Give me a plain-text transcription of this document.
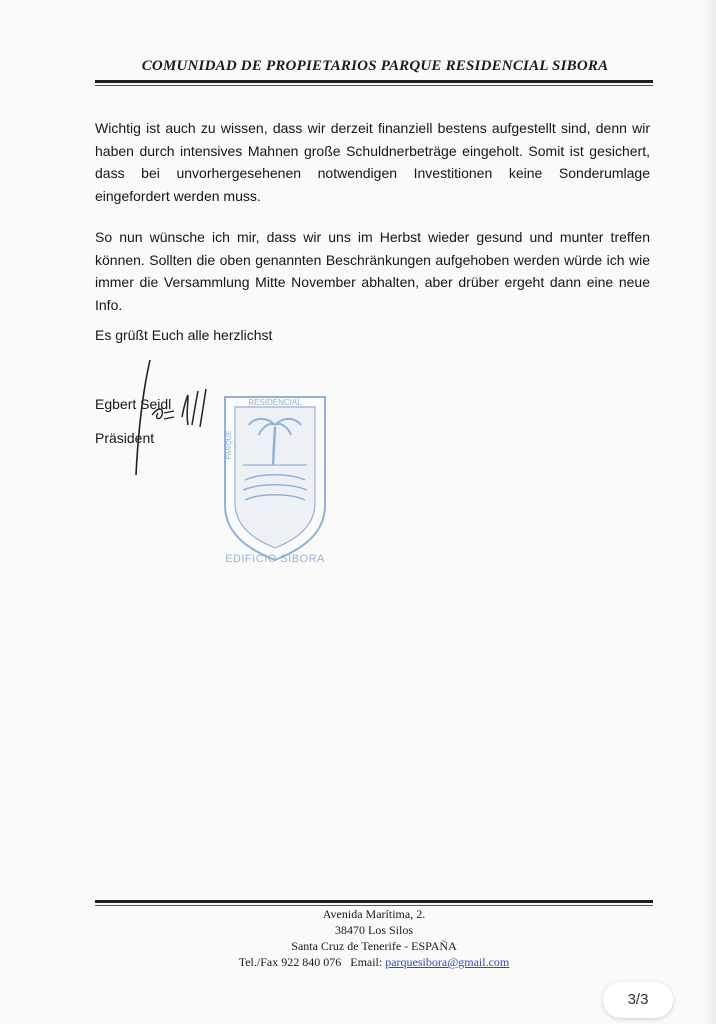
COMUNIDAD DE PROPIETARIOS PARQUE RESIDENCIAL SIBORA
Wichtig ist auch zu wissen, dass wir derzeit finanziell bestens aufgestellt sind, denn wir haben durch intensives Mahnen große Schuldnerbeträge eingeholt. Somit ist gesichert, dass bei unvorhergesehenen notwendigen Investitionen keine Sonderumlage eingefordert werden muss.
So nun wünsche ich mir, dass wir uns im Herbst wieder gesund und munter treffen können. Sollten die oben genannten Beschränkungen aufgehoben werden würde ich wie immer die Versammlung Mitte November abhalten, aber drüber ergeht dann eine neue Info.
Es grüßt Euch alle herzlichst
Egbert Seidl
Präsident
RESIDENCIAL
PARQUE
EDIFICIO SIBORA
Avenida Marítima, 2.
38470 Los Silos
Santa Cruz de Tenerife - ESPAÑA
Tel./Fax 922 840 076 Email: parquesibora@gmail.com
3/3
